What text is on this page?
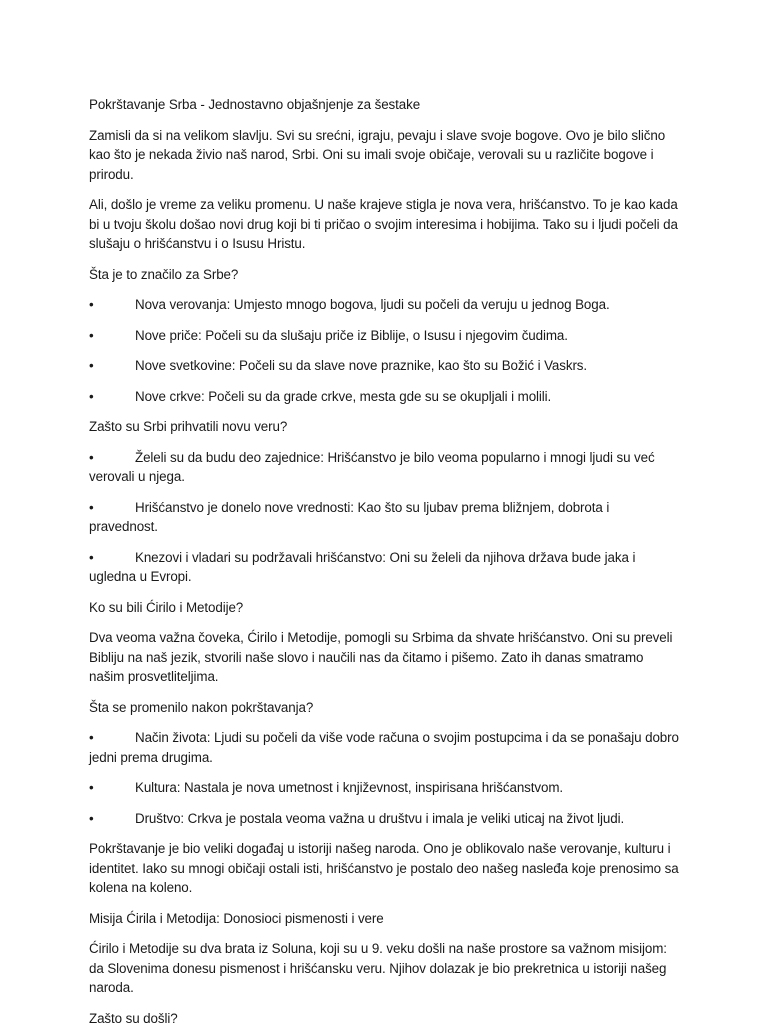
Pokrštavanje Srba - Jednostavno objašnjenje za šestake

Zamisli da si na velikom slavlju. Svi su srećni, igraju, pevaju i slave svoje bogove. Ovo je bilo slično kao što je nekada živio naš narod, Srbi. Oni su imali svoje običaje, verovali su u različite bogove i prirodu.

Ali, došlo je vreme za veliku promenu. U naše krajeve stigla je nova vera, hrišćanstvo. To je kao kada bi u tvoju školu došao novi drug koji bi ti pričao o svojim interesima i hobijima. Tako su i ljudi počeli da slušaju o hrišćanstvu i o Isusu Hristu.

Šta je to značilo za Srbe?

•	Nova verovanja: Umjesto mnogo bogova, ljudi su počeli da veruju u jednog Boga.

•	Nove priče: Počeli su da slušaju priče iz Biblije, o Isusu i njegovim čudima.

•	Nove svetkovine: Počeli su da slave nove praznike, kao što su Božić i Vaskrs.

•	Nove crkve: Počeli su da grade crkve, mesta gde su se okupljali i molili.

Zašto su Srbi prihvatili novu veru?

•	Želeli su da budu deo zajednice: Hrišćanstvo je bilo veoma popularno i mnogi ljudi su već verovali u njega.

•	Hrišćanstvo je donelo nove vrednosti: Kao što su ljubav prema bližnjem, dobrota i pravednost.

•	Knezovi i vladari su podržavali hrišćanstvo: Oni su želeli da njihova država bude jaka i ugledna u Evropi.

Ko su bili Ćirilo i Metodije?

Dva veoma važna čoveka, Ćirilo i Metodije, pomogli su Srbima da shvate hrišćanstvo. Oni su preveli Bibliju na naš jezik, stvorili naše slovo i naučili nas da čitamo i pišemo. Zato ih danas smatramo našim prosvetliteljima.

Šta se promenilo nakon pokrštavanja?

•	Način života: Ljudi su počeli da više vode računa o svojim postupcima i da se ponašaju dobro jedni prema drugima.

•	Kultura: Nastala je nova umetnost i književnost, inspirisana hrišćanstvom.

•	Društvo: Crkva je postala veoma važna u društvu i imala je veliki uticaj na život ljudi.

Pokrštavanje je bio veliki događaj u istoriji našeg naroda. Ono je oblikovalo naše verovanje, kulturu i identitet. Iako su mnogi običaji ostali isti, hrišćanstvo je postalo deo našeg nasleđa koje prenosimo sa kolena na koleno.

Misija Ćirila i Metodija: Donosioci pismenosti i vere

Ćirilo i Metodije su dva brata iz Soluna, koji su u 9. veku došli na naše prostore sa važnom misijom: da Slovenima donesu pismenost i hrišćansku veru. Njihov dolazak je bio prekretnica u istoriji našeg naroda.

Zašto su došli?
